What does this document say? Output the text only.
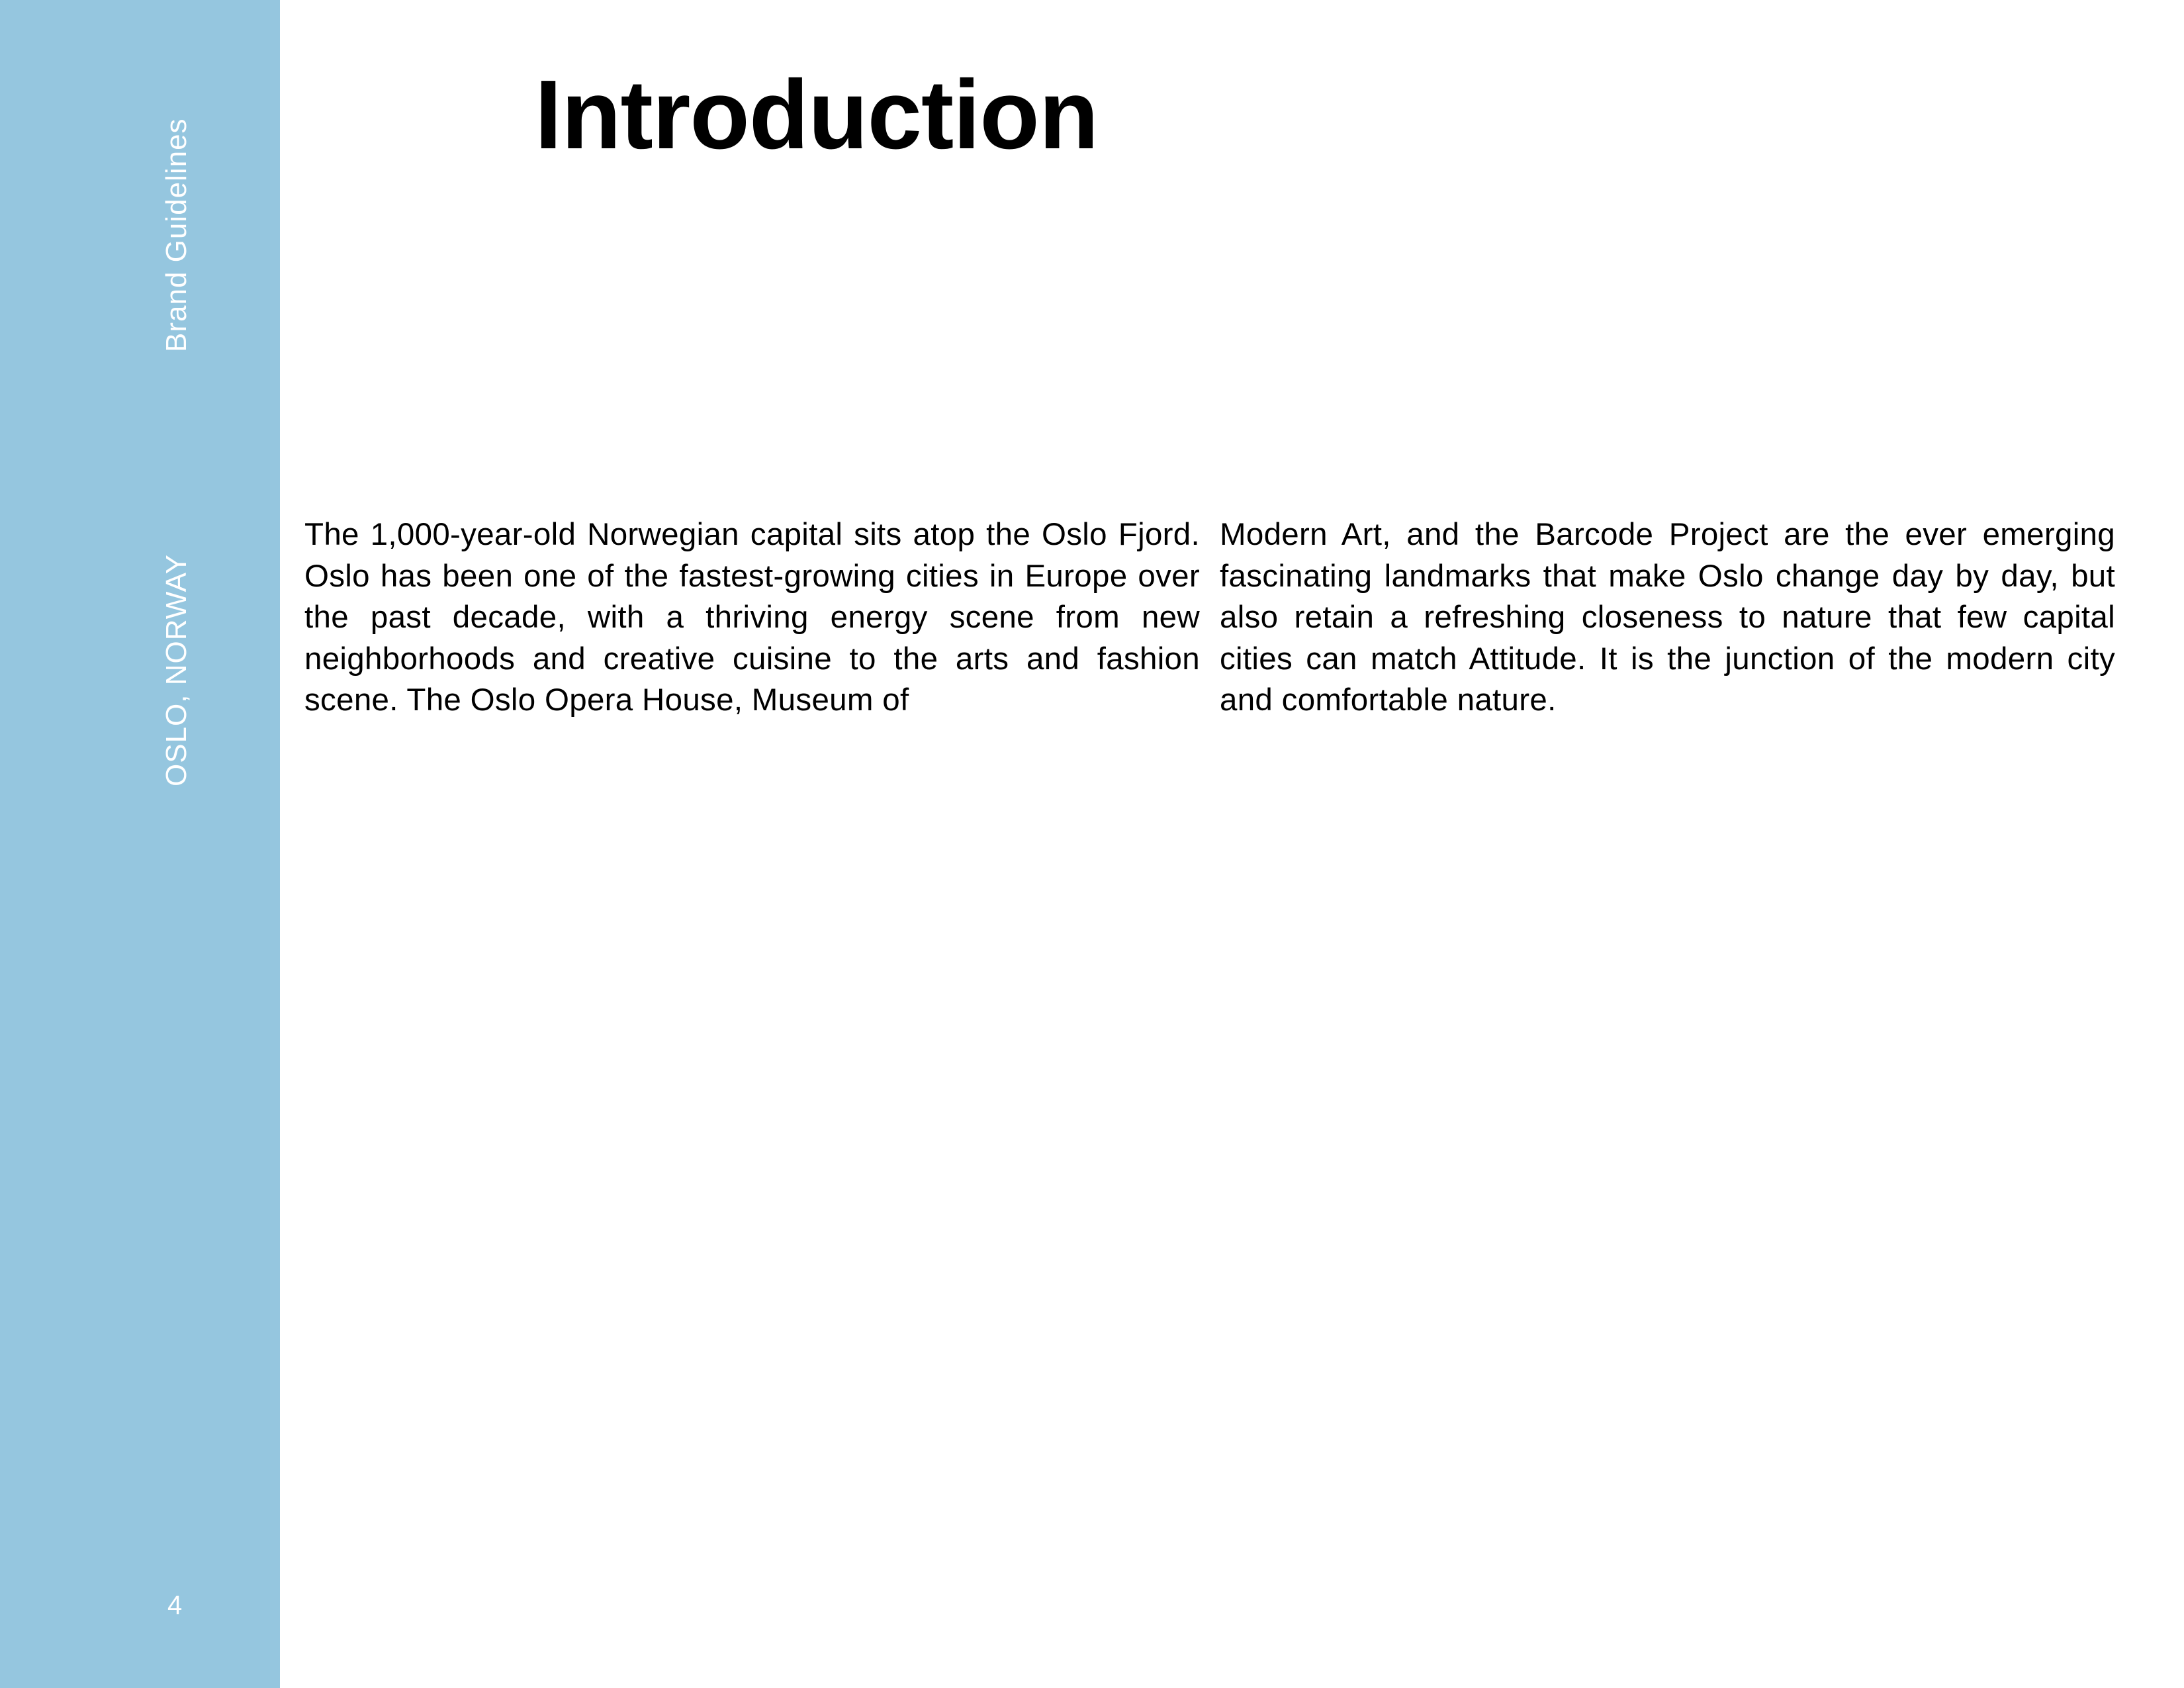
Brand Guidelines
OSLO, NORWAY
4
Introduction

The 1,000-year-old Norwegian capital sits atop the Oslo Fjord. Oslo has been one of the fastest-growing cities in Europe over the past decade, with a thriving energy scene from new neighborhoods and creative cuisine to the arts and fashion scene. The Oslo Opera House, Museum of

Modern Art, and the Barcode Project are the ever emerging fascinating landmarks that make Oslo change day by day, but also retain a refreshing closeness to nature that few capital cities can match Attitude. It is the junction of the modern city and comfortable nature.
